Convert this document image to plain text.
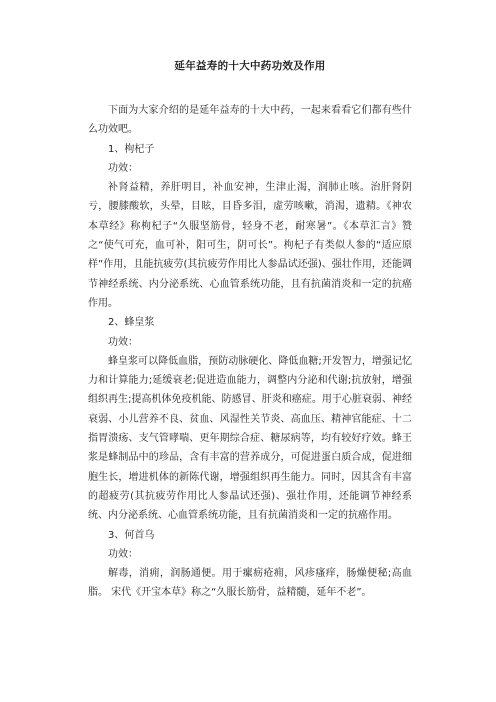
延年益寿的十大中药功效及作用

下面为大家介绍的是延年益寿的十大中药，一起来看看它们都有些什么功效吧。

1、枸杞子

功效：

补肾益精，养肝明目，补血安神，生津止渴，润肺止咳。治肝肾阴亏，腰膝酸软，头晕，目眩，目昏多泪，虚劳咳嗽，消渴，遗精。《神农本草经》称枸杞子“久服坚筋骨，轻身不老，耐寒暑”。《本草汇言》赞之“使气可充，血可补，阳可生，阴可长”。枸杞子有类似人参的“适应原样”作用，且能抗疲劳(其抗疲劳作用比人参晶试还强)、强壮作用，还能调节神经系统、内分泌系统、心血管系统功能，且有抗菌消炎和一定的抗癌作用。

2、蜂皇浆

功效：

蜂皇浆可以降低血脂，预防动脉硬化、降低血糖;开发智力，增强记忆力和计算能力;延缓衰老;促进造血能力，调整内分泌和代谢;抗放射，增强组织再生;提高机体免疫机能、防感冒、肝炎和癌症。用于心脏衰弱、神经衰弱、小儿营养不良、贫血、风湿性关节炎、高血压、精神官能症、十二指胃溃疡、支气管哮喘、更年期综合症、糖尿病等，均有较好疗效。蜂王浆是蜂制品中的珍品，含有丰富的营养成分，可促进蛋白质合成，促进细胞生长，增进机体的新陈代谢，增强组织再生能力。同时，因其含有丰富的超疲劳(其抗疲劳作用比人参晶试还强)、强壮作用，还能调节神经系统、内分泌系统、心血管系统功能，且有抗菌消炎和一定的抗癌作用。

3、何首乌

功效：

解毒，消痈，润肠通便。用于瘰疬疮痈，风疹瘙痒，肠燥便秘;高血脂。 宋代《开宝本草》称之“久服长筋骨，益精髓，延年不老”。
